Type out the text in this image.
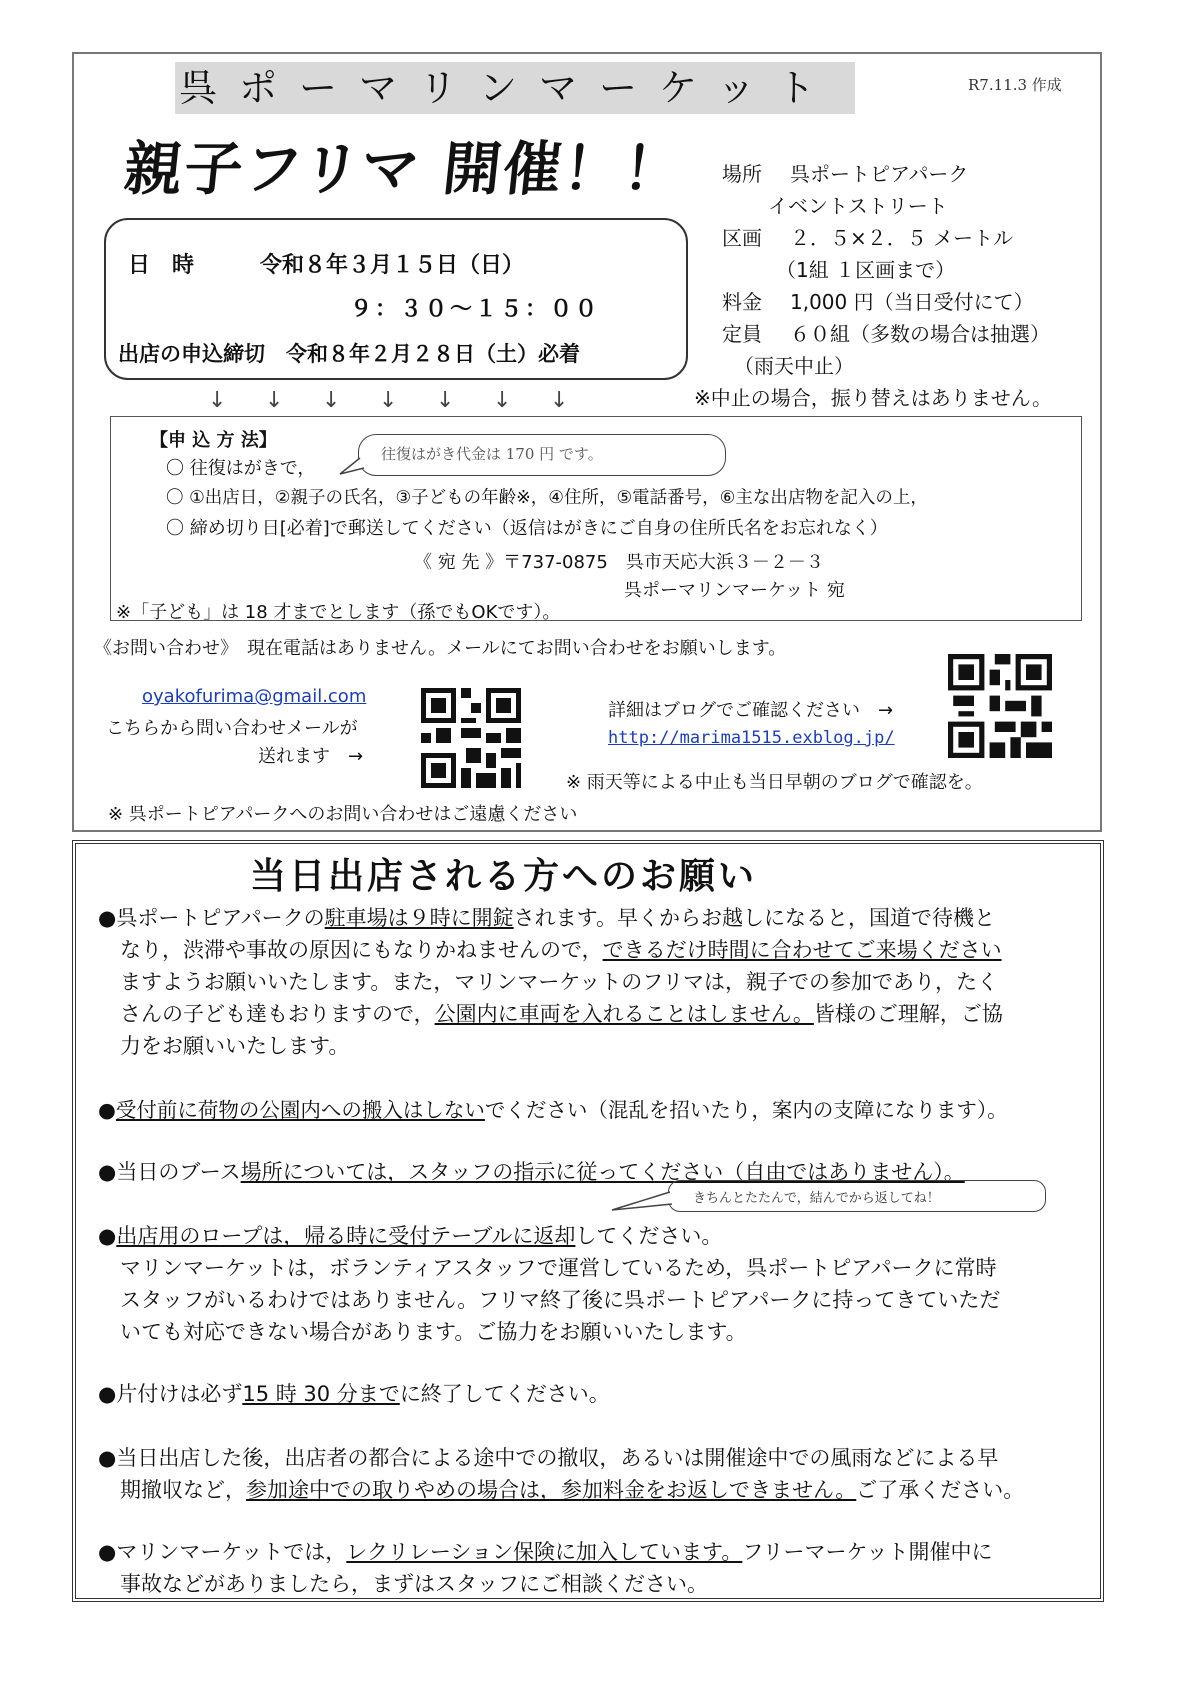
呉ポーマリンマーケット	R7.11.3 作成
親子フリマ 開催！！
日　時	令和８年３月１５日（日）
９：３０〜１５：００
出店の申込締切　令和８年２月２８日（土）必着
場所 呉ポートピアパーク
イベントストリート
区画 ２．５×２．５ メートル
（1組 １区画まで）
料金 1,000 円（当日受付にて）
定員 ６０組（多数の場合は抽選）
（雨天中止）
※中止の場合，振り替えはありません。
↓ ↓ ↓ ↓ ↓ ↓ ↓
【申 込 方 法】
〇 往復はがきで，
往復はがき代金は 170 円 です。
〇 ①出店日，②親子の氏名，③子どもの年齢※，④住所，⑤電話番号，⑥主な出店物を記入の上，
〇 締め切り日[必着]で郵送してください（返信はがきにご自身の住所氏名をお忘れなく）
《 宛 先 》〒737-0875　呉市天応大浜３－２－３
呉ポーマリンマーケット 宛
※「子ども」は 18 才までとします（孫でもOKです）。
《お問い合わせ》　現在電話はありません。メールにてお問い合わせをお願いします。
oyakofurima@gmail.com
こちらから問い合わせメールが
送れます　→
詳細はブログでご確認ください　→
http://marima1515.exblog.jp/
※ 雨天等による中止も当日早朝のブログで確認を。
※ 呉ポートピアパークへのお問い合わせはご遠慮ください
当日出店される方へのお願い
●呉ポートピアパークの駐車場は９時に開錠されます。早くからお越しになると，国道で待機と
なり，渋滞や事故の原因にもなりかねませんので，できるだけ時間に合わせてご来場ください
ますようお願いいたします。また，マリンマーケットのフリマは，親子での参加であり，たく
さんの子ども達もおりますので，公園内に車両を入れることはしません。皆様のご理解，ご協
力をお願いいたします。
●受付前に荷物の公園内への搬入はしないでください（混乱を招いたり，案内の支障になります）。
●当日のブース場所については，スタッフの指示に従ってください（自由ではありません）。
きちんとたたんで，結んでから返してね！
●出店用のロープは，帰る時に受付テーブルに返却してください。
マリンマーケットは，ボランティアスタッフで運営しているため，呉ポートピアパークに常時
スタッフがいるわけではありません。フリマ終了後に呉ポートピアパークに持ってきていただ
いても対応できない場合があります。ご協力をお願いいたします。
●片付けは必ず15 時 30 分までに終了してください。
●当日出店した後，出店者の都合による途中での撤収，あるいは開催途中での風雨などによる早
期撤収など，参加途中での取りやめの場合は，参加料金をお返しできません。ご了承ください。
●マリンマーケットでは，レクリレーション保険に加入しています。フリーマーケット開催中に
事故などがありましたら，まずはスタッフにご相談ください。
